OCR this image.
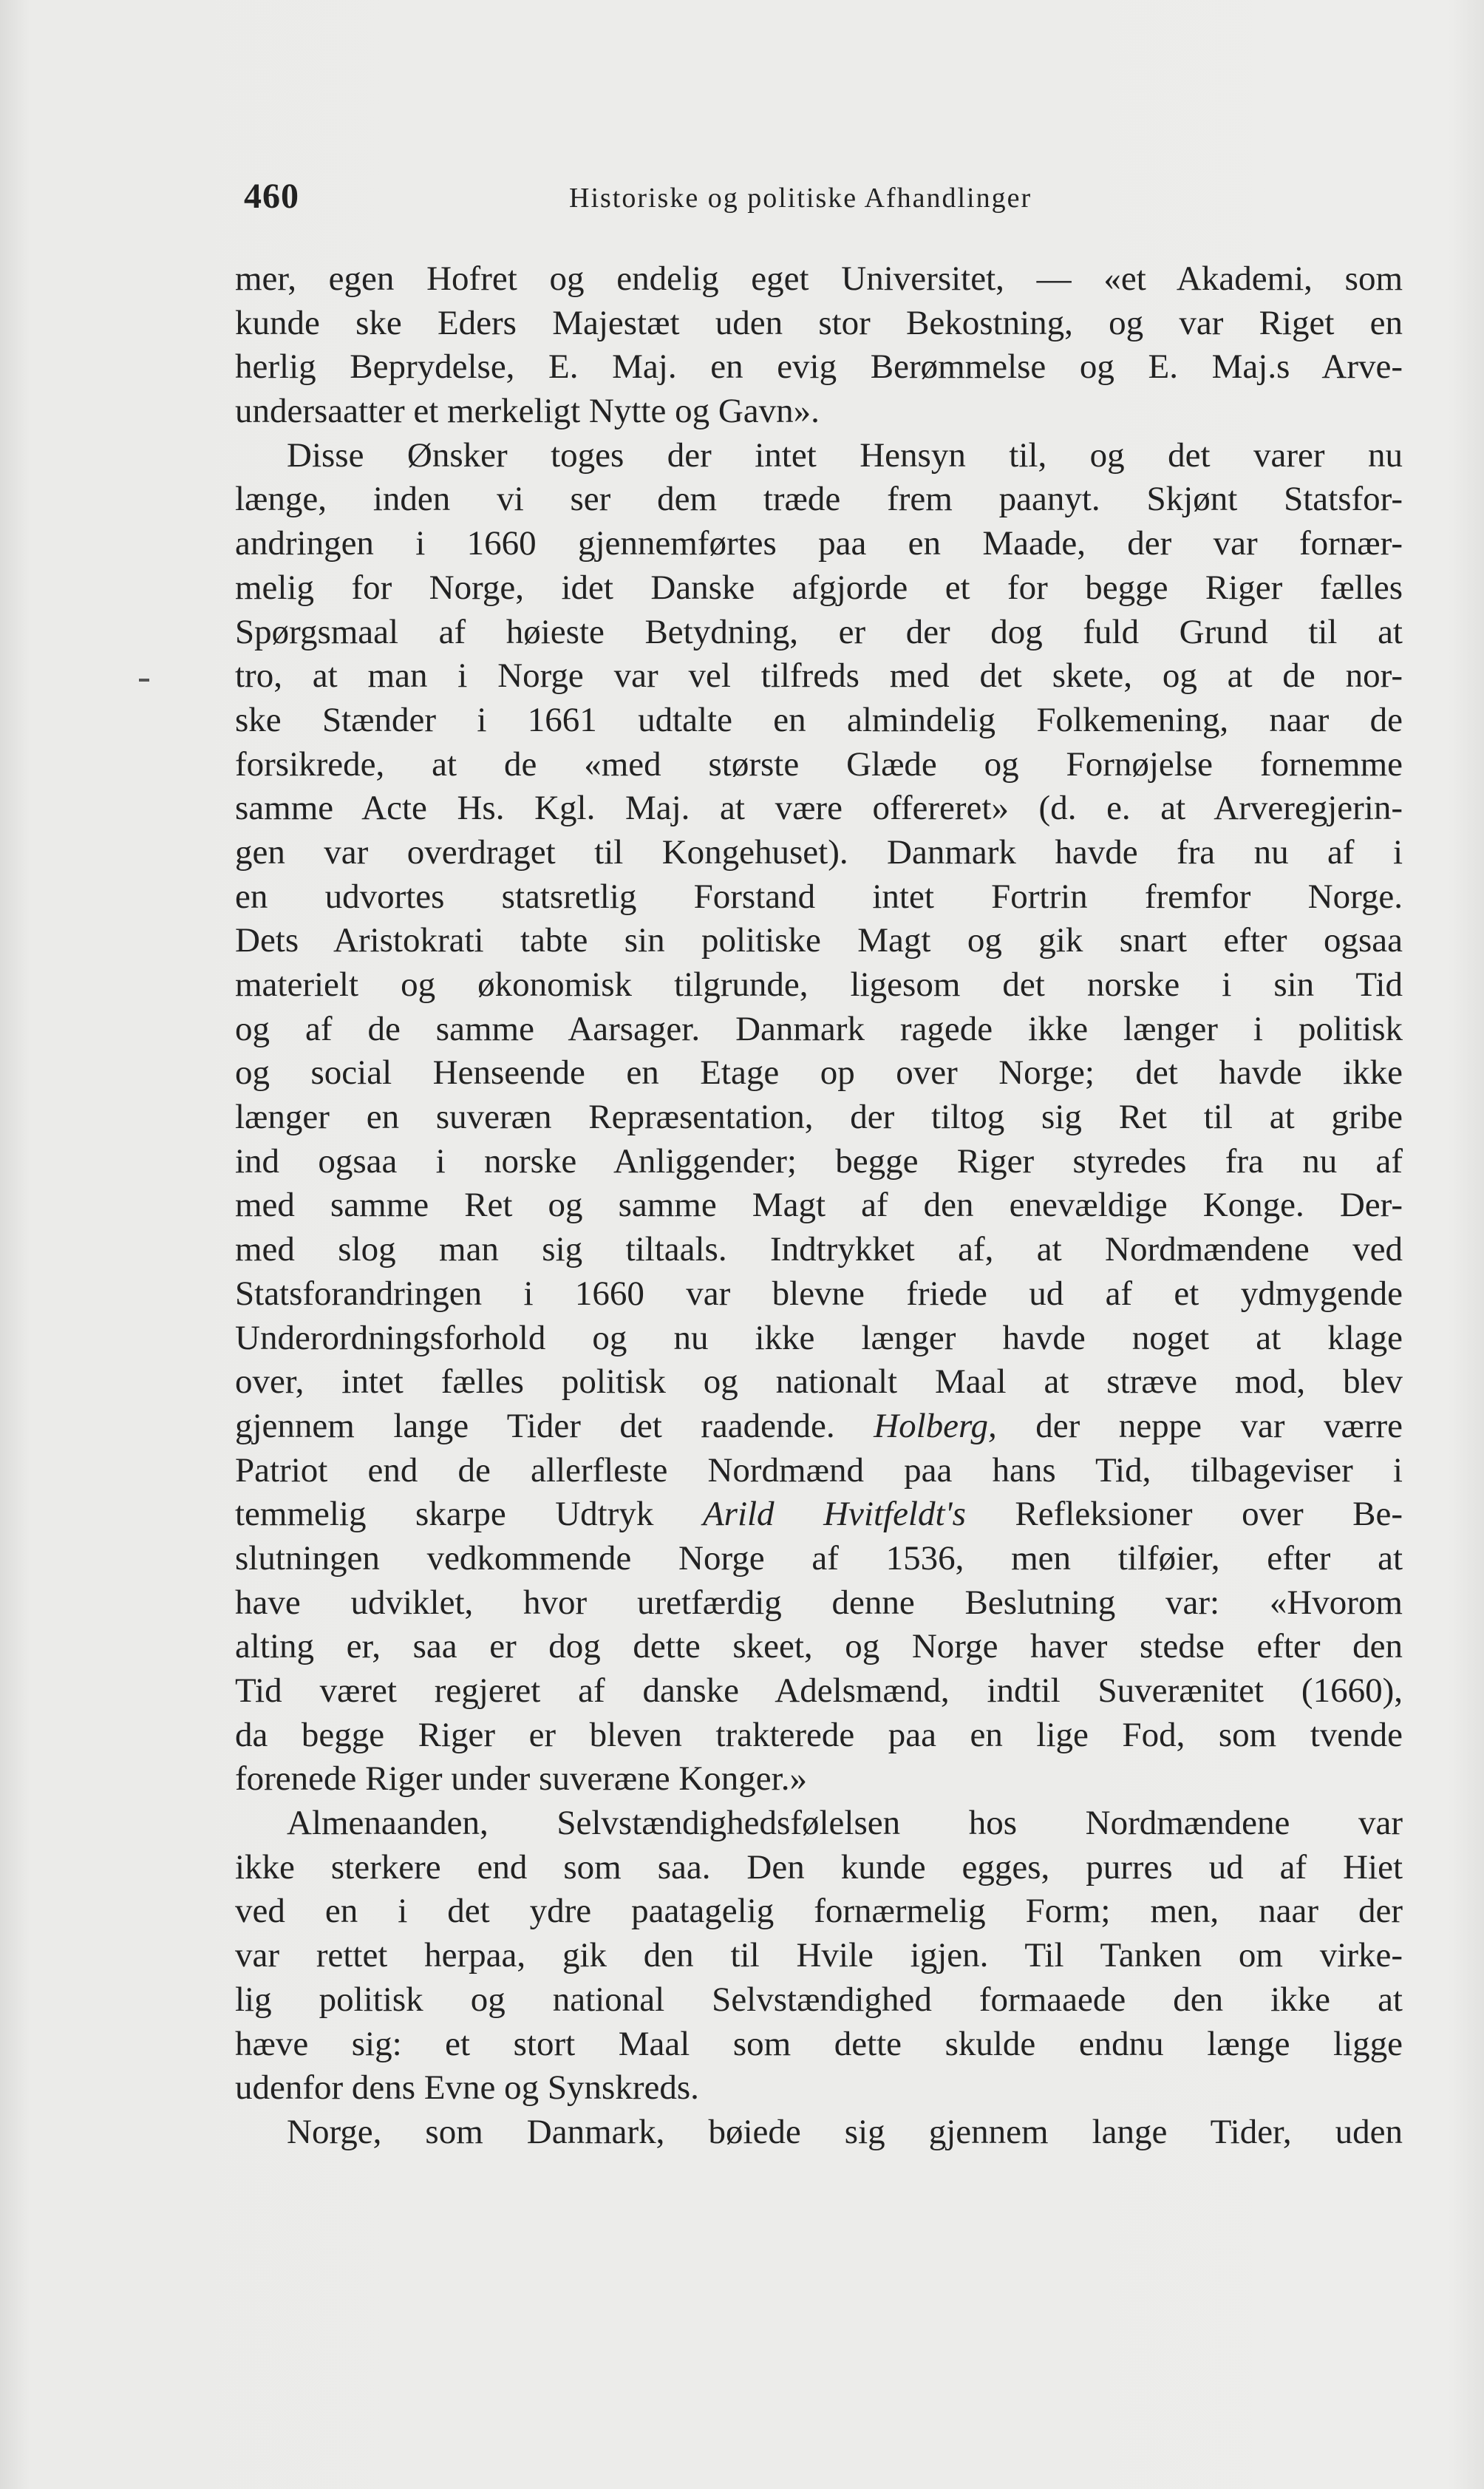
460	Historiske og politiske Afhandlinger
mer, egen Hofret og endelig eget Universitet, — «et Akademi, som
kunde ske Eders Majestæt uden stor Bekostning, og var Riget en
herlig Beprydelse, E. Maj. en evig Berømmelse og E. Maj.s Arve-
undersaatter et merkeligt Nytte og Gavn».
Disse Ønsker toges der intet Hensyn til, og det varer nu
længe, inden vi ser dem træde frem paanyt. Skjønt Statsfor-
andringen i 1660 gjennemførtes paa en Maade, der var fornær-
melig for Norge, idet Danske afgjorde et for begge Riger fælles
Spørgsmaal af høieste Betydning, er der dog fuld Grund til at
tro, at man i Norge var vel tilfreds med det skete, og at de nor-
ske Stænder i 1661 udtalte en almindelig Folkemening, naar de
forsikrede, at de «med største Glæde og Fornøjelse fornemme
samme Acte Hs. Kgl. Maj. at være offereret» (d. e. at Arveregjerin-
gen var overdraget til Kongehuset). Danmark havde fra nu af i
en udvortes statsretlig Forstand intet Fortrin fremfor Norge.
Dets Aristokrati tabte sin politiske Magt og gik snart efter ogsaa
materielt og økonomisk tilgrunde, ligesom det norske i sin Tid
og af de samme Aarsager. Danmark ragede ikke længer i politisk
og social Henseende en Etage op over Norge; det havde ikke
længer en suveræn Repræsentation, der tiltog sig Ret til at gribe
ind ogsaa i norske Anliggender; begge Riger styredes fra nu af
med samme Ret og samme Magt af den enevældige Konge. Der-
med slog man sig tiltaals. Indtrykket af, at Nordmændene ved
Statsforandringen i 1660 var blevne friede ud af et ydmygende
Underordningsforhold og nu ikke længer havde noget at klage
over, intet fælles politisk og nationalt Maal at stræve mod, blev
gjennem lange Tider det raadende. Holberg, der neppe var værre
Patriot end de allerfleste Nordmænd paa hans Tid, tilbageviser i
temmelig skarpe Udtryk Arild Hvitfeldt's Refleksioner over Be-
slutningen vedkommende Norge af 1536, men tilføier, efter at
have udviklet, hvor uretfærdig denne Beslutning var: «Hvorom
alting er, saa er dog dette skeet, og Norge haver stedse efter den
Tid været regjeret af danske Adelsmænd, indtil Suverænitet (1660),
da begge Riger er bleven trakterede paa en lige Fod, som tvende
forenede Riger under suveræne Konger.»
Almenaanden, Selvstændighedsfølelsen hos Nordmændene var
ikke sterkere end som saa. Den kunde egges, purres ud af Hiet
ved en i det ydre paatagelig fornærmelig Form; men, naar der
var rettet herpaa, gik den til Hvile igjen. Til Tanken om virke-
lig politisk og national Selvstændighed formaaede den ikke at
hæve sig: et stort Maal som dette skulde endnu længe ligge
udenfor dens Evne og Synskreds.
Norge, som Danmark, bøiede sig gjennem lange Tider, uden
